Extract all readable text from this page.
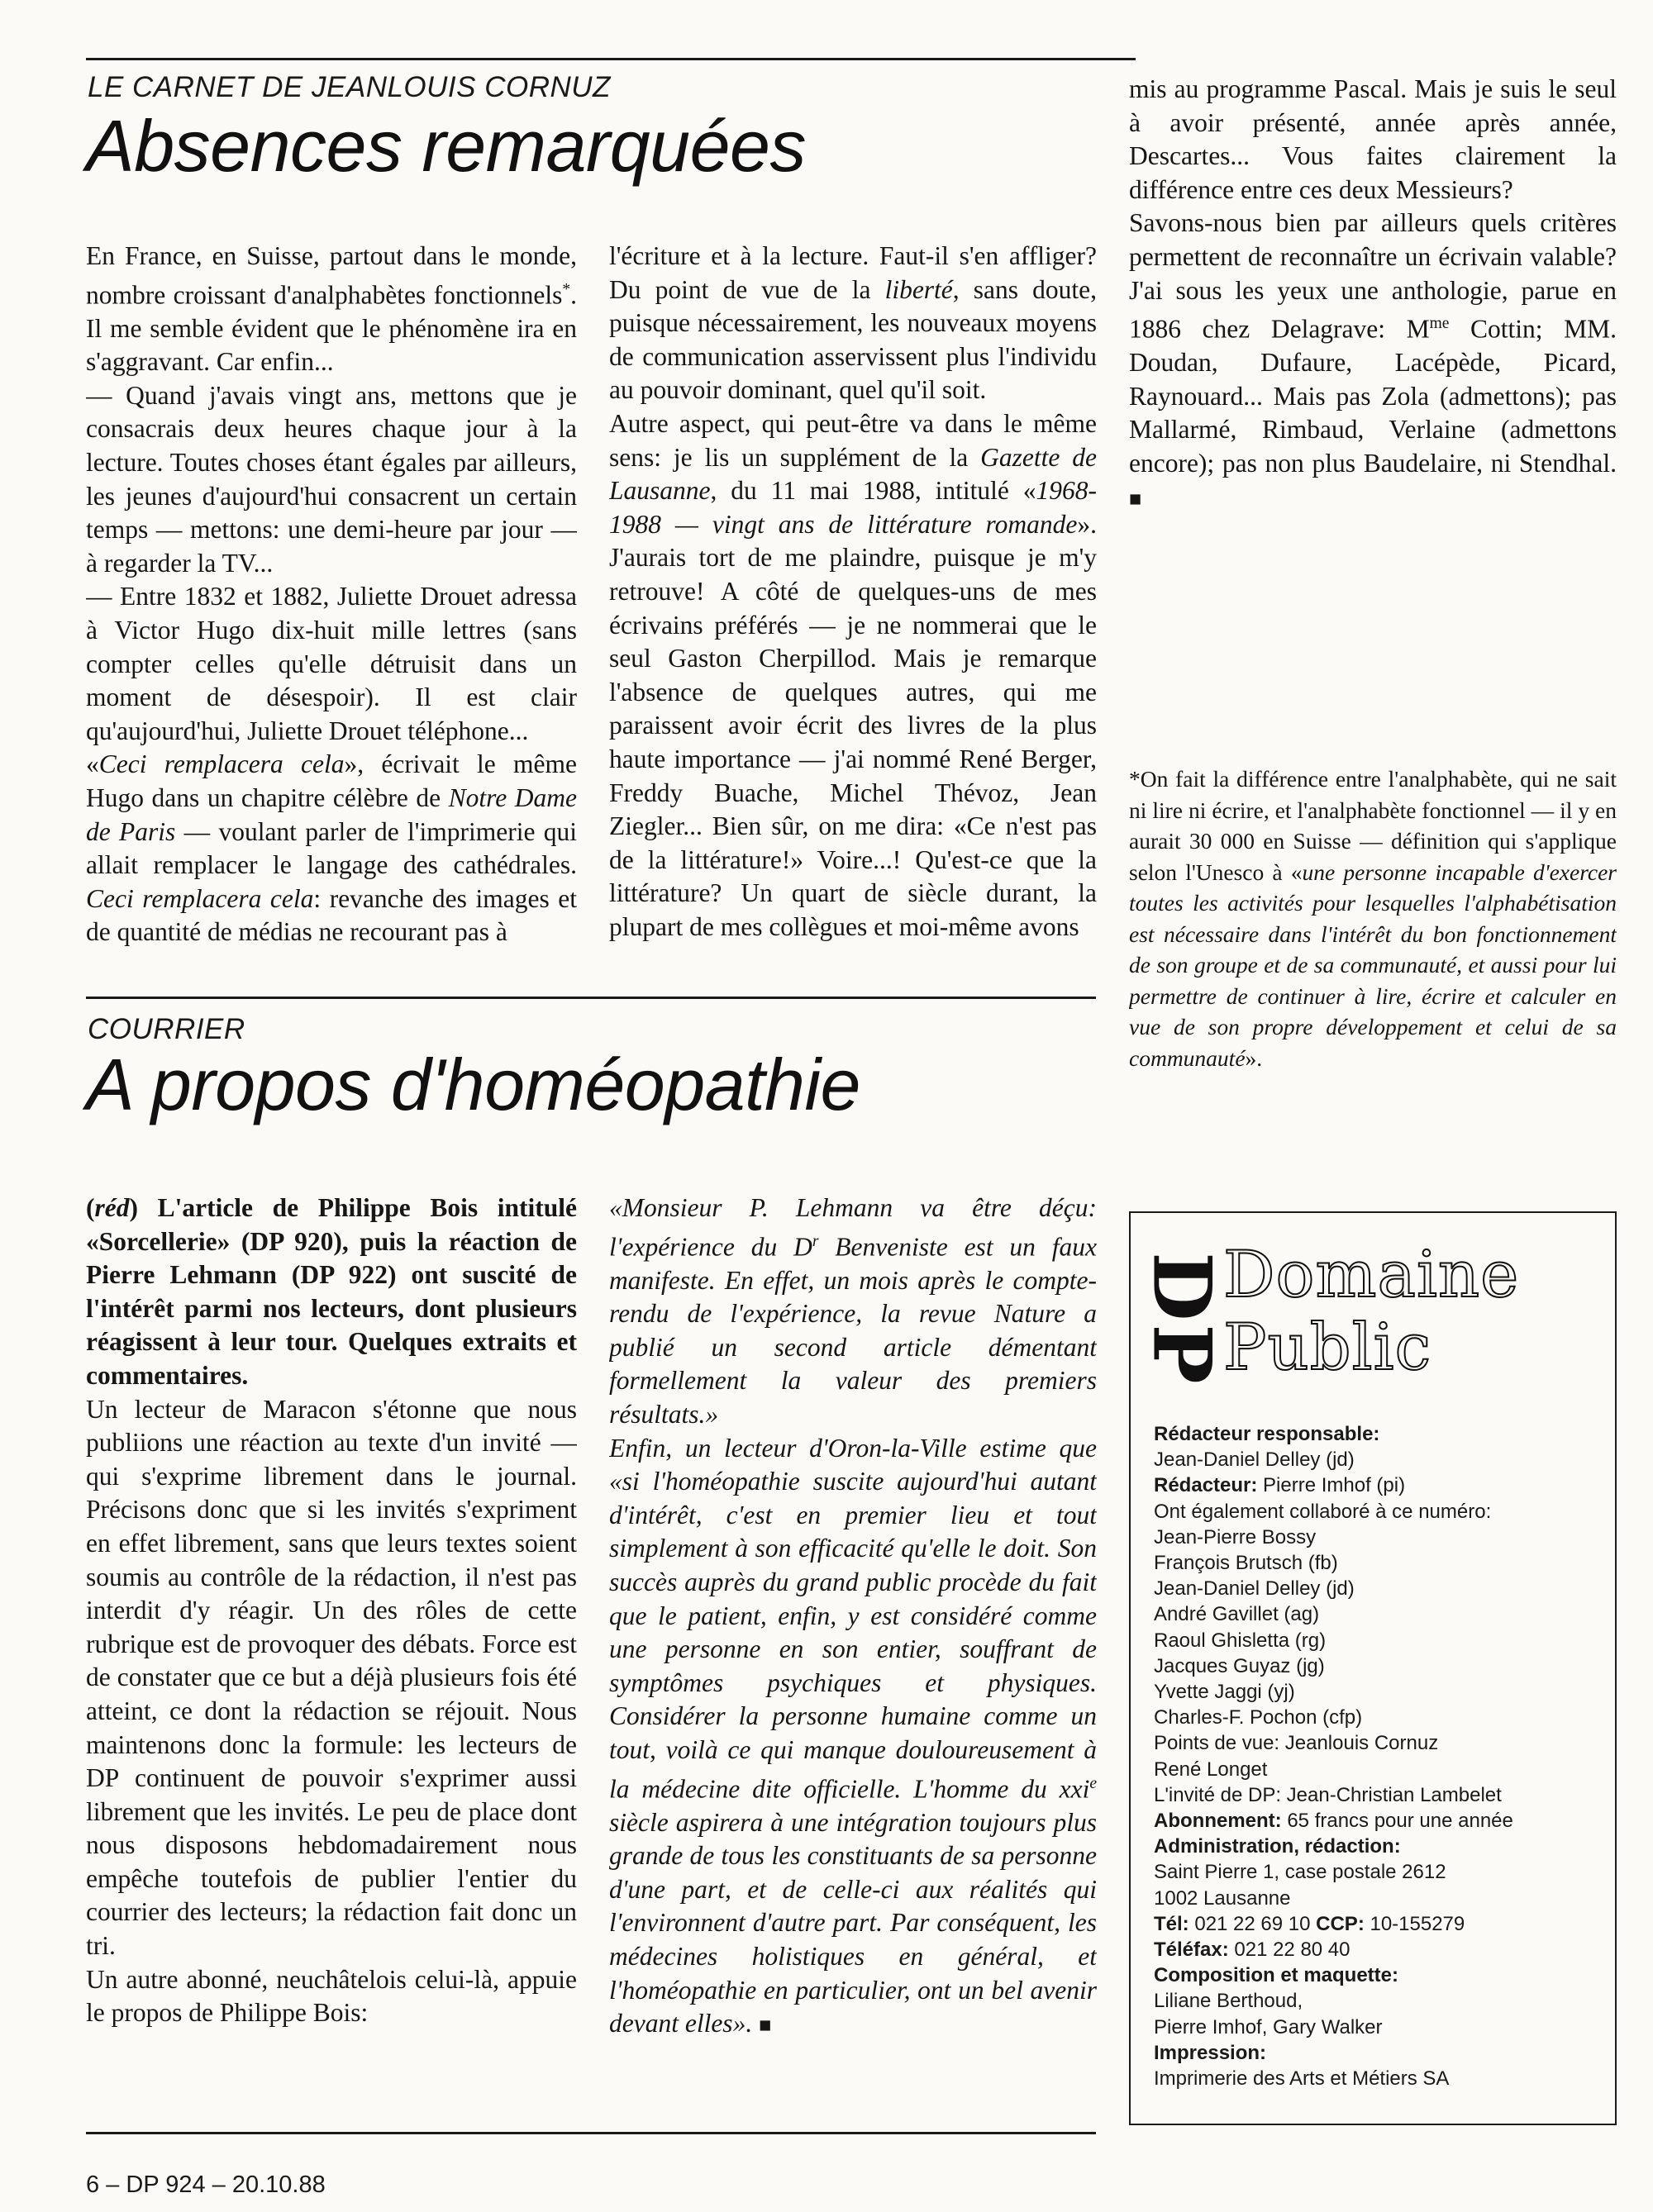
LE CARNET DE JEANLOUIS CORNUZ
Absences remarquées

En France, en Suisse, partout dans le monde, nombre croissant d'analphabètes fonctionnels*. Il me semble évident que le phénomène ira en s'aggravant. Car enfin...

— Quand j'avais vingt ans, mettons que je consacrais deux heures chaque jour à la lecture. Toutes choses étant égales par ailleurs, les jeunes d'aujourd'hui consacrent un certain temps — mettons: une demi-heure par jour — à regarder la TV...

— Entre 1832 et 1882, Juliette Drouet adressa à Victor Hugo dix-huit mille lettres (sans compter celles qu'elle détruisit dans un moment de désespoir). Il est clair qu'aujourd'hui, Juliette Drouet téléphone...

«Ceci remplacera cela», écrivait le même Hugo dans un chapitre célèbre de Notre Dame de Paris — voulant parler de l'imprimerie qui allait remplacer le langage des cathédrales. Ceci remplacera cela: revanche des images et de quantité de médias ne recourant pas à

l'écriture et à la lecture. Faut-il s'en affliger? Du point de vue de la liberté, sans doute, puisque nécessairement, les nouveaux moyens de communication asservissent plus l'individu au pouvoir dominant, quel qu'il soit.

Autre aspect, qui peut-être va dans le même sens: je lis un supplément de la Gazette de Lausanne, du 11 mai 1988, intitulé «1968-1988 — vingt ans de littérature romande». J'aurais tort de me plaindre, puisque je m'y retrouve! A côté de quelques-uns de mes écrivains préférés — je ne nommerai que le seul Gaston Cherpillod. Mais je remarque l'absence de quelques autres, qui me paraissent avoir écrit des livres de la plus haute importance — j'ai nommé René Berger, Freddy Buache, Michel Thévoz, Jean Ziegler... Bien sûr, on me dira: «Ce n'est pas de la littérature!» Voire...! Qu'est-ce que la littérature? Un quart de siècle durant, la plupart de mes collègues et moi-même avons

mis au programme Pascal. Mais je suis le seul à avoir présenté, année après année, Descartes... Vous faites clairement la différence entre ces deux Messieurs?

Savons-nous bien par ailleurs quels critères permettent de reconnaître un écrivain valable? J'ai sous les yeux une anthologie, parue en 1886 chez Delagrave: $M^{me}$ Cottin; MM. Doudan, Dufaure, Lacépède, Picard, Raynouard... Mais pas Zola (admettons); pas Mallarmé, Rimbaud, Verlaine (admettons encore); pas non plus Baudelaire, ni Stendhal. ■

*On fait la différence entre l'analphabète, qui ne sait ni lire ni écrire, et l'analphabète fonctionnel — il y en aurait 30 000 en Suisse — définition qui s'applique selon l'Unesco à «une personne incapable d'exercer toutes les activités pour lesquelles l'alphabétisation est nécessaire dans l'intérêt du bon fonctionnement de son groupe et de sa communauté, et aussi pour lui permettre de continuer à lire, écrire et calculer en vue de son propre développement et celui de sa communauté».

COURRIER
A propos d'homéopathie

(réd) L'article de Philippe Bois intitulé «Sorcellerie» (DP 920), puis la réaction de Pierre Lehmann (DP 922) ont suscité de l'intérêt parmi nos lecteurs, dont plusieurs réagissent à leur tour. Quelques extraits et commentaires.

Un lecteur de Maracon s'étonne que nous publiions une réaction au texte d'un invité — qui s'exprime librement dans le journal. Précisons donc que si les invités s'expriment en effet librement, sans que leurs textes soient soumis au contrôle de la rédaction, il n'est pas interdit d'y réagir. Un des rôles de cette rubrique est de provoquer des débats. Force est de constater que ce but a déjà plusieurs fois été atteint, ce dont la rédaction se réjouit. Nous maintenons donc la formule: les lecteurs de DP continuent de pouvoir s'exprimer aussi librement que les invités. Le peu de place dont nous disposons hebdomadairement nous empêche toutefois de publier l'entier du courrier des lecteurs; la rédaction fait donc un tri.

Un autre abonné, neuchâtelois celui-là, appuie le propos de Philippe Bois:

«Monsieur P. Lehmann va être déçu: l'expérience du $D^r$ Benveniste est un faux manifeste. En effet, un mois après le compte-rendu de l'expérience, la revue Nature a publié un second article démentant formellement la valeur des premiers résultats.»

Enfin, un lecteur d'Oron-la-Ville estime que «si l'homéopathie suscite aujourd'hui autant d'intérêt, c'est en premier lieu et tout simplement à son efficacité qu'elle le doit. Son succès auprès du grand public procède du fait que le patient, enfin, y est considéré comme une personne en son entier, souffrant de symptômes psychiques et physiques. Considérer la personne humaine comme un tout, voilà ce qui manque douloureusement à la médecine dite officielle. L'homme du xxi$^e$ siècle aspirera à une intégration toujours plus grande de tous les constituants de sa personne d'une part, et de celle-ci aux réalités qui l'environnent d'autre part. Par conséquent, les médecines holistiques en général, et l'homéopathie en particulier, ont un bel avenir devant elles». ■

DP
Domaine
Public
Rédacteur responsable:
Jean-Daniel Delley (jd)
Rédacteur: Pierre Imhof (pi)
Ont également collaboré à ce numéro:
Jean-Pierre Bossy
François Brutsch (fb)
Jean-Daniel Delley (jd)
André Gavillet (ag)
Raoul Ghisletta (rg)
Jacques Guyaz (jg)
Yvette Jaggi (yj)
Charles-F. Pochon (cfp)
Points de vue: Jeanlouis Cornuz
René Longet
L'invité de DP: Jean-Christian Lambelet
Abonnement: 65 francs pour une année
Administration, rédaction:
Saint Pierre 1, case postale 2612
1002 Lausanne
Tél: 021 22 69 10 CCP: 10-155279
Téléfax: 021 22 80 40
Composition et maquette:
Liliane Berthoud,
Pierre Imhof, Gary Walker
Impression:
Imprimerie des Arts et Métiers SA
6 – DP 924 – 20.10.88
